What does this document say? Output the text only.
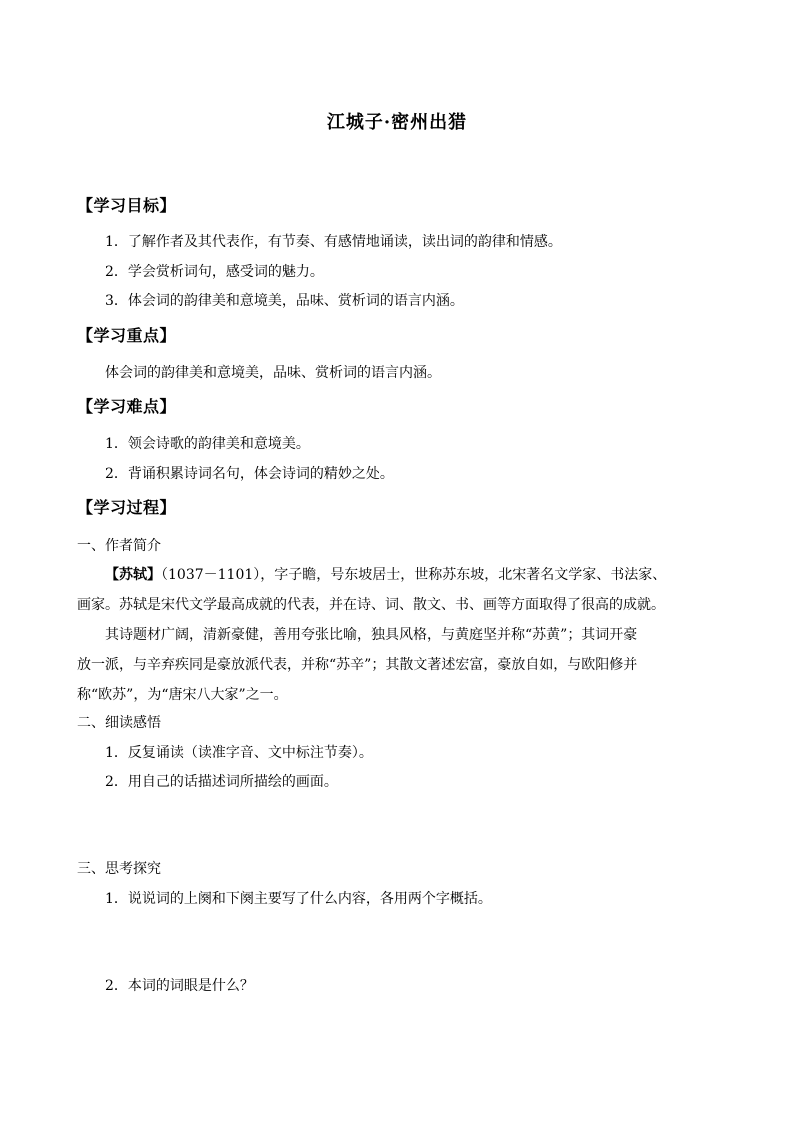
江城子·密州出猎
【学习目标】
1．了解作者及其代表作，有节奏、有感情地诵读，读出词的韵律和情感。
2．学会赏析词句，感受词的魅力。
3．体会词的韵律美和意境美，品味、赏析词的语言内涵。
【学习重点】
体会词的韵律美和意境美，品味、赏析词的语言内涵。
【学习难点】
1．领会诗歌的韵律美和意境美。
2．背诵积累诗词名句，体会诗词的精妙之处。
【学习过程】
一、作者简介
【苏轼】（1037－1101），字子瞻，号东坡居士，世称苏东坡，北宋著名文学家、书法家、
画家。苏轼是宋代文学最高成就的代表，并在诗、词、散文、书、画等方面取得了很高的成就。
其诗题材广阔，清新豪健，善用夸张比喻，独具风格，与黄庭坚并称“苏黄”；其词开豪
放一派，与辛弃疾同是豪放派代表，并称“苏辛”；其散文著述宏富，豪放自如，与欧阳修并
称“欧苏”，为“唐宋八大家”之一。
二、细读感悟
1．反复诵读（读准字音、文中标注节奏）。
2．用自己的话描述词所描绘的画面。
三、思考探究
1．说说词的上阕和下阕主要写了什么内容，各用两个字概括。
2．本词的词眼是什么？
